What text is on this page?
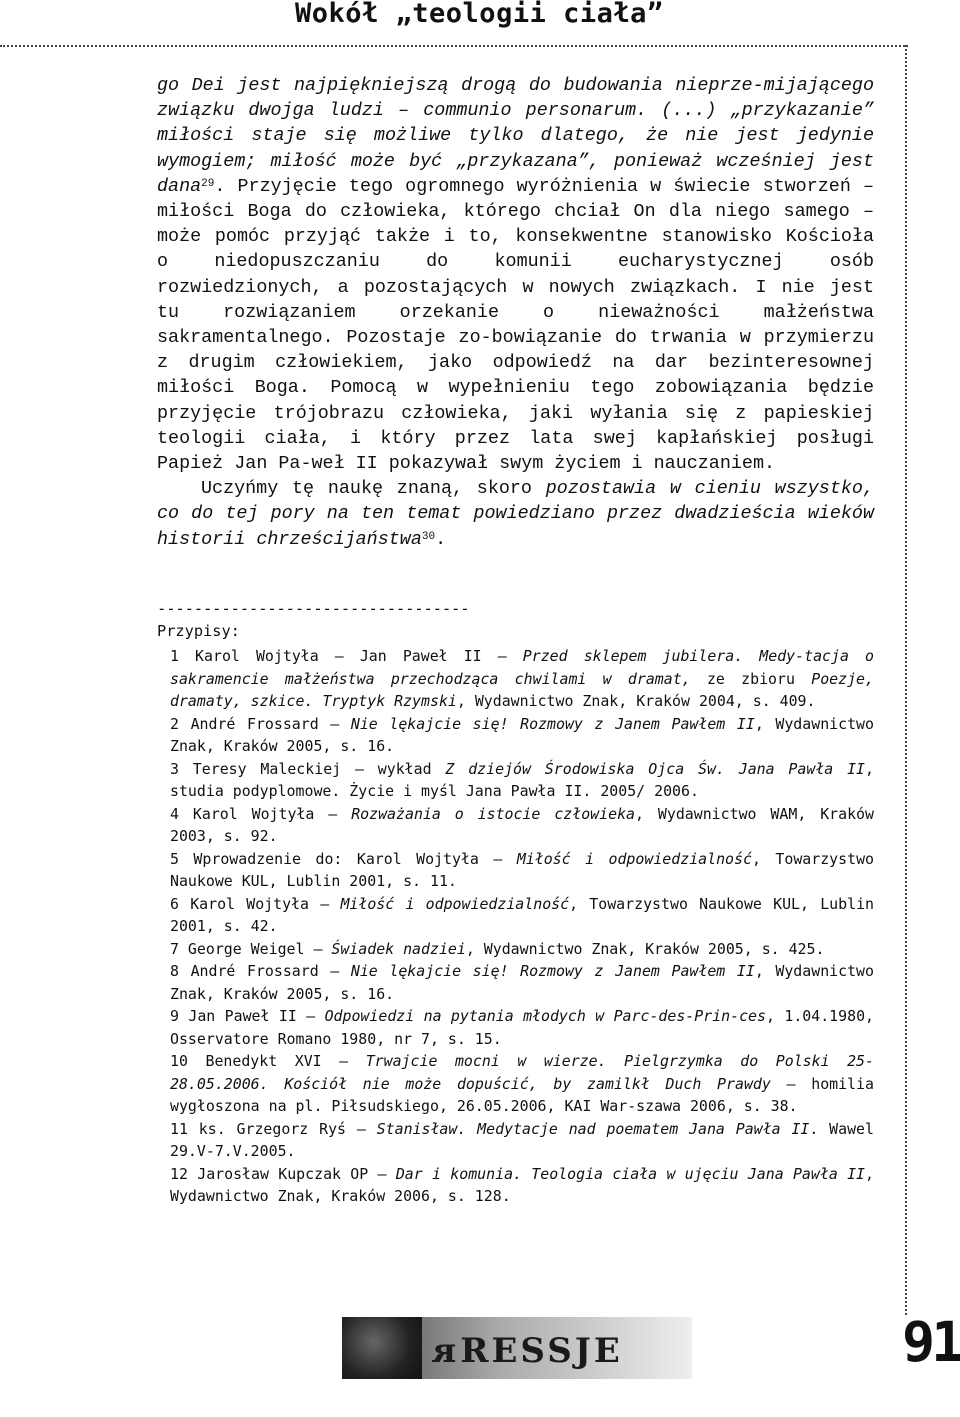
Wokół „teologii ciała”

go Dei jest najpiękniejszą drogą do budowania nieprze-mijającego związku dwojga ludzi – communio personarum. (...) „przykazanie” miłości staje się możliwe tylko dlatego, że nie jest jedynie wymogiem; miłość może być „przykazana”, ponieważ wcześniej jest dana$^{29}$. Przyjęcie tego ogromnego wyróżnienia w świecie stworzeń – miłości Boga do człowieka, którego chciał On dla niego samego – może pomóc przyjąć także i to, konsekwentne stanowisko Kościoła o niedopuszczaniu do komunii eucharystycznej osób rozwiedzionych, a pozostających w nowych związkach. I nie jest tu rozwiązaniem orzekanie o nieważności małżeństwa sakramentalnego. Pozostaje zo-bowiązanie do trwania w przymierzu z drugim człowiekiem, jako odpowiedź na dar bezinteresownej miłości Boga. Pomocą w wypełnieniu tego zobowiązania będzie przyjęcie trójobrazu człowieka, jaki wyłania się z papieskiej teologii ciała, i który przez lata swej kapłańskiej posługi Papież Jan Pa-weł II pokazywał swym życiem i nauczaniem.

Uczyńmy tę naukę znaną, skoro pozostawia w cieniu wszystko, co do tej pory na ten temat powiedziano przez dwadzieścia wieków historii chrześcijaństwa$^{30}$.

----------------------------------
Przypisy:

1 Karol Wojtyła – Jan Paweł II – Przed sklepem jubilera. Medy-tacja o sakramencie małżeństwa przechodząca chwilami w dramat, ze zbioru Poezje, dramaty, szkice. Tryptyk Rzymski, Wydawnictwo Znak, Kraków 2004, s. 409.

2 André Frossard – Nie lękajcie się! Rozmowy z Janem Pawłem II, Wydawnictwo Znak, Kraków 2005, s. 16.

3 Teresy Maleckiej – wykład Z dziejów Środowiska Ojca Św. Jana Pawła II, studia podyplomowe. Życie i myśl Jana Pawła II. 2005/ 2006.

4 Karol Wojtyła – Rozważania o istocie człowieka, Wydawnictwo WAM, Kraków 2003, s. 92.

5 Wprowadzenie do: Karol Wojtyła – Miłość i odpowiedzialność, Towarzystwo Naukowe KUL, Lublin 2001, s. 11.

6 Karol Wojtyła – Miłość i odpowiedzialność, Towarzystwo Naukowe KUL, Lublin 2001, s. 42.

7 George Weigel – Świadek nadziei, Wydawnictwo Znak, Kraków 2005, s. 425.

8 André Frossard – Nie lękajcie się! Rozmowy z Janem Pawłem II, Wydawnictwo Znak, Kraków 2005, s. 16.

9 Jan Paweł II – Odpowiedzi na pytania młodych w Parc-des-Prin-ces, 1.04.1980, Osservatore Romano 1980, nr 7, s. 15.

10 Benedykt XVI – Trwajcie mocni w wierze. Pielgrzymka do Polski 25-28.05.2006. Kościół nie może dopuścić, by zamilkł Duch Prawdy – homilia wygłoszona na pl. Piłsudskiego, 26.05.2006, KAI War-szawa 2006, s. 38.

11 ks. Grzegorz Ryś – Stanisław. Medytacje nad poematem Jana Pawła II. Wawel 29.V-7.V.2005.

12 Jarosław Kupczak OP – Dar i komunia. Teologia ciała w ujęciu Jana Pawła II, Wydawnictwo Znak, Kraków 2006, s. 128.

ᴙRESSJE	91
